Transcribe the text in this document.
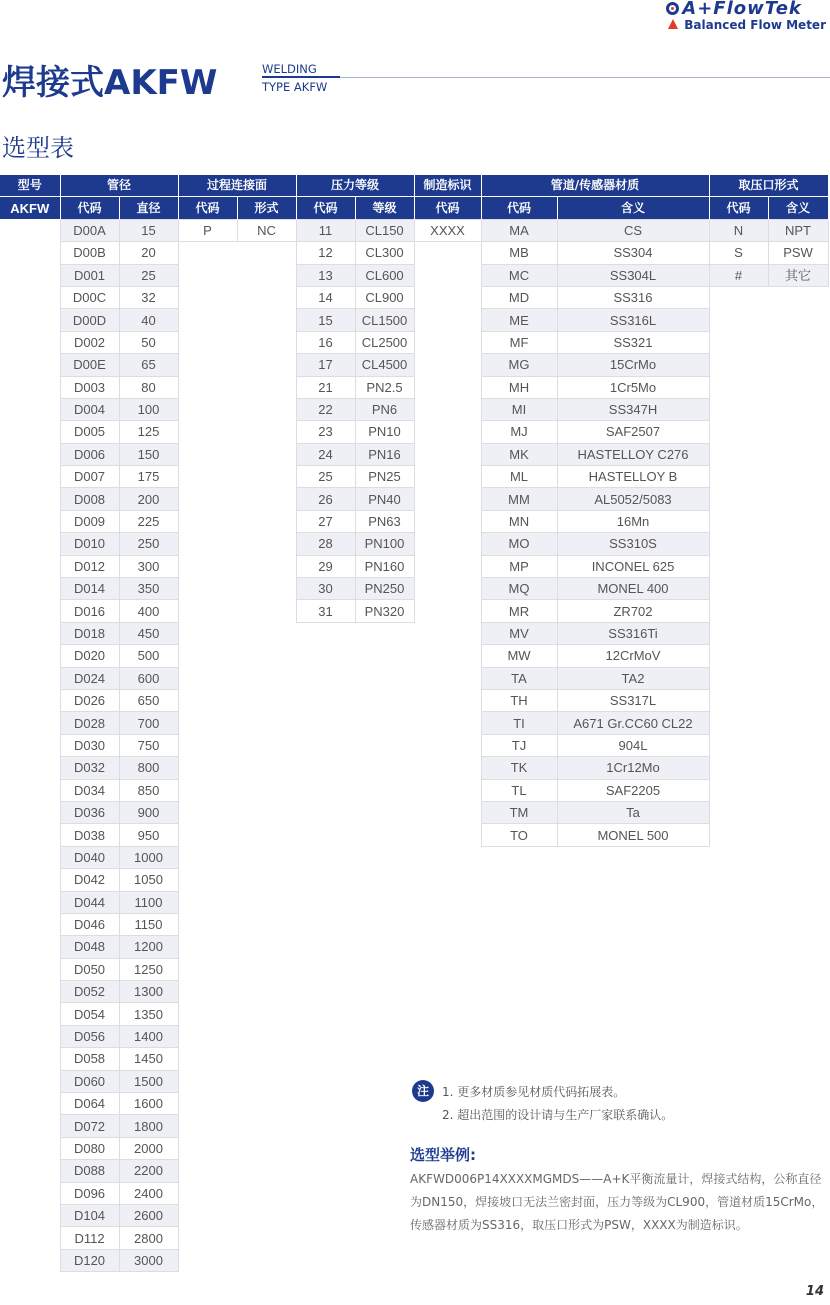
A+FlowTek
Balanced Flow Meter
焊接式AKFW	WELDING
TYPE AKFW
选型表
型号	管径		过程连接面		压力等级		制造标识	管道/传感器材质		取压口形式	
AKFW	代码	直径	代码	形式	代码	等级	代码	代码	含义	代码	含义
	D00A	15	P	NC	11	CL150	XXXX	MA	CS	N	NPT
	D00B	20			12	CL300		MB	SS304	S	PSW
	D001	25			13	CL600		MC	SS304L	#	其它
	D00C	32			14	CL900		MD	SS316		
	D00D	40			15	CL1500		ME	SS316L		
	D002	50			16	CL2500		MF	SS321		
	D00E	65			17	CL4500		MG	15CrMo		
	D003	80			21	PN2.5		MH	1Cr5Mo		
	D004	100			22	PN6		MI	SS347H		
	D005	125			23	PN10		MJ	SAF2507		
	D006	150			24	PN16		MK	HASTELLOY C276		
	D007	175			25	PN25		ML	HASTELLOY B		
	D008	200			26	PN40		MM	AL5052/5083		
	D009	225			27	PN63		MN	16Mn		
	D010	250			28	PN100		MO	SS310S		
	D012	300			29	PN160		MP	INCONEL 625		
	D014	350			30	PN250		MQ	MONEL 400		
	D016	400			31	PN320		MR	ZR702		
	D018	450						MV	SS316Ti		
	D020	500						MW	12CrMoV		
	D024	600						TA	TA2		
	D026	650						TH	SS317L		
	D028	700						TI	A671 Gr.CC60 CL22		
	D030	750						TJ	904L		
	D032	800						TK	1Cr12Mo		
	D034	850						TL	SAF2205		
	D036	900						TM	Ta		
	D038	950						TO	MONEL 500		
	D040	1000									
	D042	1050									
	D044	1100									
	D046	1150									
	D048	1200									
	D050	1250									
	D052	1300									
	D054	1350									
	D056	1400									
	D058	1450									
	D060	1500									
	D064	1600									
	D072	1800									
	D080	2000									
	D088	2200									
	D096	2400									
	D104	2600									
	D112	2800									
	D120	3000									
注	1. 更多材质参见材质代码拓展表。
2. 超出范围的设计请与生产厂家联系确认。
选型举例:
AKFWD006P14XXXXMGMDS——A+K平衡流量计，焊接式结构，公称直径
为DN150，焊接坡口无法兰密封面，压力等级为CL900，管道材质15CrMo，
传感器材质为SS316，取压口形式为PSW，XXXX为制造标识。
14
